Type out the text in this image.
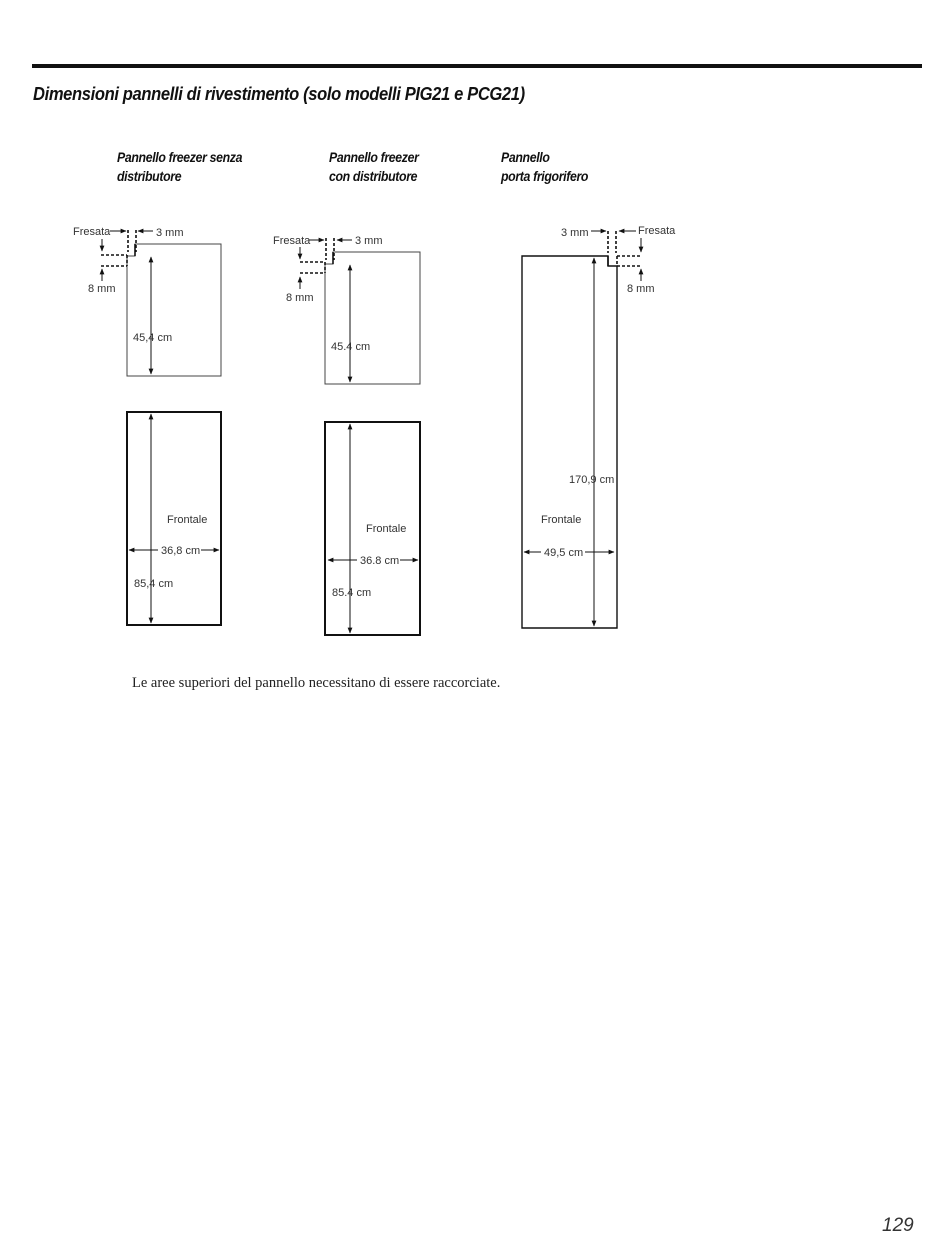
Dimensioni pannelli di rivestimento (solo modelli PIG21 e PCG21)
Pannello freezer senza
distributore
Pannello freezer
con distributore
Pannello
porta frigorifero
Fresata	3 mm
8 mm
45,4 cm
Frontale
36,8 cm
85,4 cm
Fresata	3 mm
8 mm
45.4 cm
Frontale
36.8 cm
85.4 cm
3 mm	Fresata
8 mm
170,9 cm
Frontale
49,5 cm

Le aree superiori del pannello necessitano di essere raccorciate.

129
